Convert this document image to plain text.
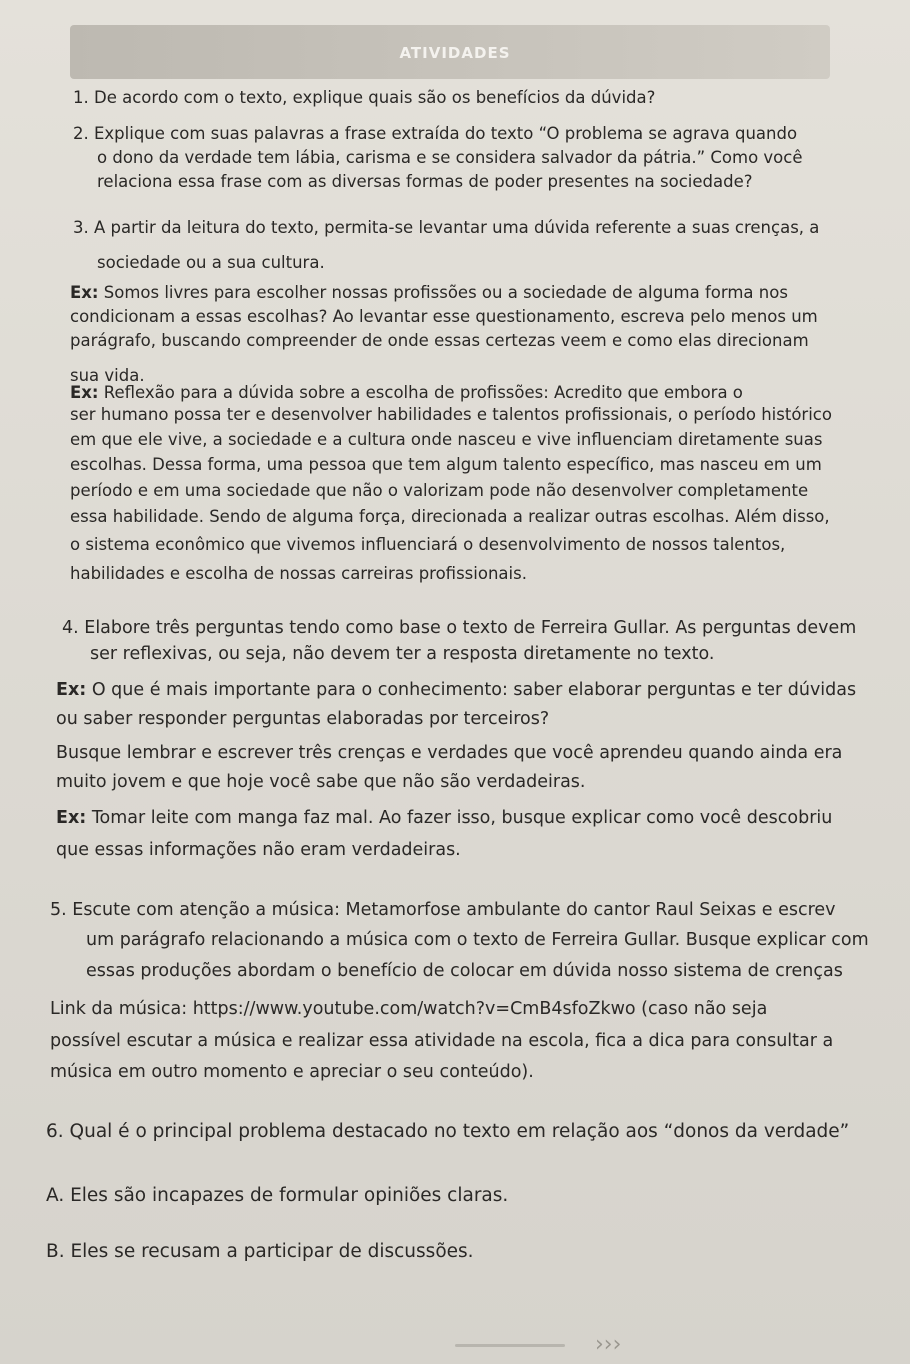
ATIVIDADES
1. De acordo com o texto, explique quais são os benefícios da dúvida?
2. Explique com suas palavras a frase extraída do texto “O problema se agrava quando
o dono da verdade tem lábia, carisma e se considera salvador da pátria.” Como você
relaciona essa frase com as diversas formas de poder presentes na sociedade?
3. A partir da leitura do texto, permita-se levantar uma dúvida referente a suas crenças, a
sociedade ou a sua cultura.
Ex: Somos livres para escolher nossas profissões ou a sociedade de alguma forma nos
condicionam a essas escolhas? Ao levantar esse questionamento, escreva pelo menos um
parágrafo, buscando compreender de onde essas certezas veem e como elas direcionam
sua vida.
Ex: Reflexão para a dúvida sobre a escolha de profissões: Acredito que embora o
ser humano possa ter e desenvolver habilidades e talentos profissionais, o período histórico
em que ele vive, a sociedade e a cultura onde nasceu e vive influenciam diretamente suas
escolhas. Dessa forma, uma pessoa que tem algum talento específico, mas nasceu em um
período e em uma sociedade que não o valorizam pode não desenvolver completamente
essa habilidade. Sendo de alguma força, direcionada a realizar outras escolhas. Além disso,
o sistema econômico que vivemos influenciará o desenvolvimento de nossos talentos,
habilidades e escolha de nossas carreiras profissionais.
4. Elabore três perguntas tendo como base o texto de Ferreira Gullar. As perguntas devem
ser reflexivas, ou seja, não devem ter a resposta diretamente no texto.
Ex: O que é mais importante para o conhecimento: saber elaborar perguntas e ter dúvidas
ou saber responder perguntas elaboradas por terceiros?
Busque lembrar e escrever três crenças e verdades que você aprendeu quando ainda era
muito jovem e que hoje você sabe que não são verdadeiras.
Ex: Tomar leite com manga faz mal. Ao fazer isso, busque explicar como você descobriu
que essas informações não eram verdadeiras.
5. Escute com atenção a música: Metamorfose ambulante do cantor Raul Seixas e escrev
um parágrafo relacionando a música com o texto de Ferreira Gullar. Busque explicar com
essas produções abordam o benefício de colocar em dúvida nosso sistema de crenças
Link da música: https://www.youtube.com/watch?v=CmB4sfoZkwo (caso não seja
possível escutar a música e realizar essa atividade na escola, fica a dica para consultar a
música em outro momento e apreciar o seu conteúdo).
6. Qual é o principal problema destacado no texto em relação aos “donos da verdade”
A. Eles são incapazes de formular opiniões claras.
B. Eles se recusam a participar de discussões.
›››
